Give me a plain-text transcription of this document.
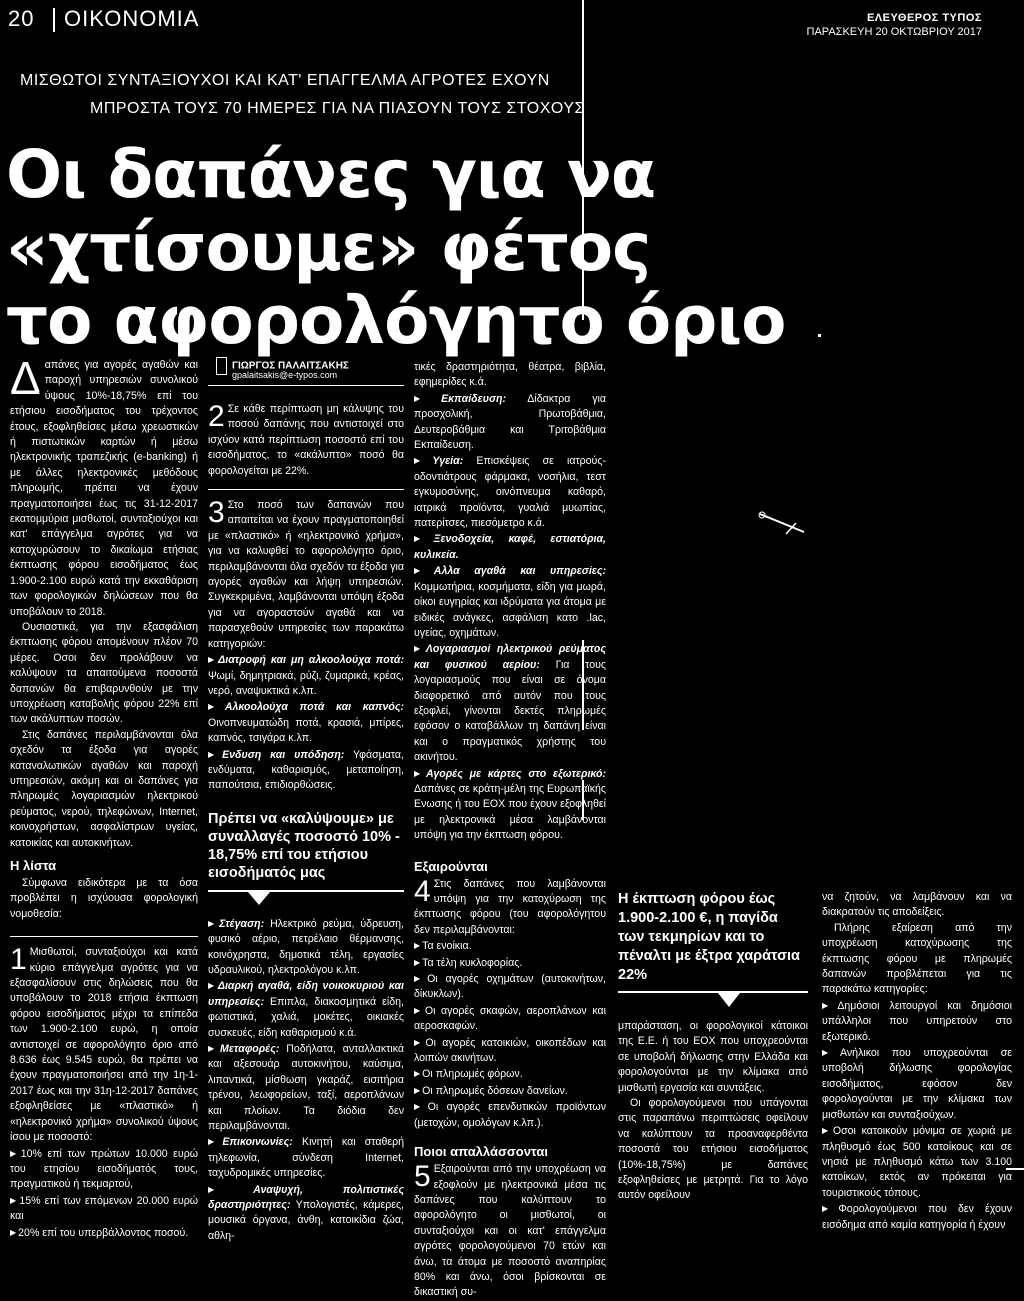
20 ΟΙΚΟΝΟΜΙΑ	ΕΛΕΥΘΕΡΟΣ ΤΥΠΟΣ
ΠΑΡΑΣΚΕΥΗ 20 ΟΚΤΩΒΡΙΟΥ 2017
ΜΙΣΘΩΤΟΙ ΣΥΝΤΑΞΙΟΥΧΟΙ ΚΑΙ ΚΑΤ' ΕΠΑΓΓΕΛΜΑ ΑΓΡΟΤΕΣ ΕΧΟΥΝ
ΜΠΡΟΣΤΑ ΤΟΥΣ 70 ΗΜΕΡΕΣ ΓΙΑ ΝΑ ΠΙΑΣΟΥΝ ΤΟΥΣ ΣΤΟΧΟΥΣ
Οι δαπάνες για να
«χτίσουμε» φέτος
το αφορολόγητο όριο

Δαπάνες για αγορές αγαθών και παροχή υπηρεσιών συνολικού ύψους 10%-18,75% επί του ετήσιου εισοδήματος του τρέχοντος έτους, εξοφληθείσες μέσω χρεωστικών ή πιστωτικών καρτών ή μέσω ηλεκτρονικής τραπεζικής (e-banking) ή με άλλες ηλεκτρονικές μεθόδους πληρωμής, πρέπει να έχουν πραγματοποιήσει έως τις 31-12-2017 εκατομμύρια μισθωτοί, συνταξιούχοι και κατ' επάγγελμα αγρότες για να κατοχυρώσουν το δικαίωμα ετήσιας έκπτωσης φόρου εισοδήματος έως 1.900-2.100 ευρώ κατά την εκκαθάριση των φορολογικών δηλώσεων που θα υποβάλουν το 2018.

Ουσιαστικά, για την εξασφάλιση έκπτωσης φόρου απομένουν πλέον 70 μέρες. Οσοι δεν προλάβουν να καλύψουν τα απαιτούμενα ποσοστά δαπανών θα επιβαρυνθούν με την υποχρέωση καταβολής φόρου 22% επί των ακάλυπτων ποσών.

Στις δαπάνες περιλαμβάνονται όλα σχεδόν τα έξοδα για αγορές καταναλωτικών αγαθών και παροχή υπηρεσιών, ακόμη και οι δαπάνες για πληρωμές λογαριασμών ηλεκτρικού ρεύματος, νερού, τηλεφώνων, Internet, κοινοχρήστων, ασφαλίστρων υγείας, κατοικίας και αυτοκινήτων.

Η λίστα

Σύμφωνα ειδικότερα με τα όσα προβλέπει η ισχύουσα φορολογική νομοθεσία:

1 Μισθωτοί, συνταξιούχοι και κατά κύριο επάγγελμα αγρότες για να εξασφαλίσουν στις δηλώσεις που θα υποβάλουν το 2018 ετήσια έκπτωση φόρου εισοδήματος μέχρι τα επίπεδα των 1.900-2.100 ευρώ, η οποία αντιστοιχεί σε αφορολόγητο όριο από 8.636 έως 9.545 ευρώ, θα πρέπει να έχουν πραγματοποιήσει από την 1η-1-2017 έως και την 31η-12-2017 δαπάνες εξοφληθείσες με «πλαστικό» ή «ηλεκτρονικό χρήμα» συνολικού ύψους ίσου με ποσοστό:

▶ 10% επί των πρώτων 10.000 ευρώ του ετησίου εισοδήματός τους, πραγματικού ή τεκμαρτού,

▶ 15% επί των επόμενων 20.000 ευρώ και

▶ 20% επί του υπερβάλλοντος ποσού.

ΓΙΩΡΓΟΣ ΠΑΛΑΙΤΣΑΚΗΣ
gpalaitsakis@e-typos.com

2 Σε κάθε περίπτωση μη κάλυψης του ποσού δαπάνης που αντιστοιχεί στο ισχύον κατά περίπτωση ποσοστό επί του εισοδήματος, το «ακάλυπτο» ποσό θα φορολογείται με 22%.

3 Στο ποσό των δαπανών που απαιτείται να έχουν πραγματοποιηθεί με «πλαστικό» ή «ηλεκτρονικό χρήμα», για να καλυφθεί το αφορολόγητο όριο, περιλαμβάνονται όλα σχεδόν τα έξοδα για αγορές αγαθών και λήψη υπηρεσιών. Συγκεκριμένα, λαμβάνονται υπόψη έξοδα για να αγοραστούν αγαθά και να παρασχεθούν υπηρεσίες των παρακάτω κατηγοριών:

▶ Διατροφή και μη αλκοολούχα ποτά: Ψωμί, δημητριακά, ρύζι, ζυμαρικά, κρέας, νερό, αναψυκτικά κ.λπ.

▶ Αλκοολούχα ποτά και καπνός: Οινοπνευματώδη ποτά, κρασιά, μπίρες, καπνός, τσιγάρα κ.λπ.

▶ Ενδυση και υπόδηση: Υφάσματα, ενδύματα, καθαρισμός, μεταποίηση, παπούτσια, επιδιορθώσεις.

Πρέπει να «καλύψουμε» με συναλλαγές ποσοστό 10% - 18,75% επί του ετήσιου εισοδήματός μας

▶ Στέγαση: Ηλεκτρικό ρεύμα, ύδρευση, φυσικό αέριο, πετρέλαιο θέρμανσης, κοινόχρηστα, δημοτικά τέλη, εργασίες υδραυλικού, ηλεκτρολόγου κ.λπ.

▶ Διαρκή αγαθά, είδη νοικοκυριού και υπηρεσίες: Επιπλα, διακοσμητικά είδη, φωτιστικά, χαλιά, μοκέτες, οικιακές συσκευές, είδη καθαρισμού κ.ά.

▶ Μεταφορές: Ποδήλατα, ανταλλακτικά και αξεσουάρ αυτοκινήτου, καύσιμα, λιπαντικά, μίσθωση γκαράζ, εισιτήρια τρένου, λεωφορείων, ταξί, αεροπλάνων και πλοίων. Τα διόδια δεν περιλαμβάνονται.

▶ Επικοινωνίες: Κινητή και σταθερή τηλεφωνία, σύνδεση Internet, ταχυδρομικές υπηρεσίες.

▶ Αναψυχή, πολιτιστικές δραστηριότητες: Υπολογιστές, κάμερες, μουσικά όργανα, άνθη, κατοικίδια ζώα, αθλη-

τικές δραστηριότητα, θέατρα, βιβλία, εφημερίδες κ.ά.

▶ Εκπαίδευση: Δίδακτρα για προσχολική, Πρωτοβάθμια, Δευτεροβάθμια και Τριτοβάθμια Εκπαίδευση.

▶ Υγεία: Επισκέψεις σε ιατρούς-οδοντιάτρους φάρμακα, νοσήλια, τεστ εγκυμοσύνης, οινόπνευμα καθαρό, ιατρικά προϊόντα, γυαλιά μυωπίας, πατερίτσες, πιεσόμετρο κ.ά.

▶ Ξενοδοχεία, καφέ, εστιατόρια, κυλικεία.

▶ Αλλα αγαθά και υπηρεσίες: Κομμωτήρια, κοσμήματα, είδη για μωρά, οίκοι ευγηρίας και ιδρύματα για άτομα με ειδικές ανάγκες, ασφάλιση κατο .lac, υγείας, οχημάτων.

▶ Λογαριασμοί ηλεκτρικού ρεύματος και φυσικού αερίου: Για τους λογαριασμούς που είναι σε όνομα διαφορετικό από αυτόν που τους εξοφλεί, γίνονται δεκτές πληρωμές εφόσον ο καταβάλλων τη δαπάνη είναι και ο πραγματικός χρήστης του ακινήτου.

▶ Αγορές με κάρτες στο εξωτερικό: Δαπάνες σε κράτη-μέλη της Ευρωπαϊκής Ενωσης ή του ΕΟΧ που έχουν εξοφληθεί με ηλεκτρονικά μέσα λαμβάνονται υπόψη για την έκπτωση φόρου.

Εξαιρούνται

4 Στις δαπάνες που λαμβάνονται υπόψη για την κατοχύρωση της έκπτωσης φόρου (του αφορολόγητου δεν περιλαμβάνονται:

▶ Τα ενοίκια.

▶ Τα τέλη κυκλοφορίας.

▶ Οι αγορές οχημάτων (αυτοκινήτων, δίκυκλων).

▶ Οι αγορές σκαφών, αεροπλάνων και αεροσκαφών.

▶ Οι αγορές κατοικιών, οικοπέδων και λοιπών ακινήτων.

▶ Οι πληρωμές φόρων.

▶ Οι πληρωμές δόσεων δανείων.

▶ Οι αγορές επενδυτικών προϊόντων (μετοχών, ομολόγων κ.λπ.).

Ποιοι απαλλάσσονται

5 Εξαιρούνται από την υποχρέωση να εξοφλούν με ηλεκτρονικά μέσα τις δαπάνες που καλύπτουν το αφορολόγητο οι μισθωτοί, οι συνταξιούχοι και οι κατ' επάγγελμα αγρότες φορολογούμενοι 70 ετών και άνω, τα άτομα με ποσοστό αναπηρίας 80% και άνω, όσοι βρίσκονται σε δικαστική συ-

Η έκπτωση φόρου έως 1.900-2.100 €, η παγίδα των τεκμηρίων και το πέναλτι με έξτρα χαράτσια 22%

μπαράσταση, οι φορολογικοί κάτοικοι της Ε.Ε. ή του ΕΟΧ που υποχρεούνται σε υποβολή δήλωσης στην Ελλάδα και φορολογούνται με την κλίμακα από μισθωτή εργασία και συντάξεις.

Οι φορολογούμενοι που υπάγονται στις παραπάνω περιπτώσεις οφείλουν να καλύπτουν τα προαναφερθέντα ποσοστά του ετήσιου εισοδήματος (10%-18,75%) με δαπάνες εξοφληθείσες με μετρητά. Για το λόγο αυτόν οφείλουν

να ζητούν, να λαμβάνουν και να διακρατούν τις αποδείξεις.

Πλήρης εξαίρεση από την υποχρέωση κατοχύρωσης της έκπτωσης φόρου με πληρωμές δαπανών προβλέπεται για τις παρακάτω κατηγορίες:

▶ Δημόσιοι λειτουργοί και δημόσιοι υπάλληλοι που υπηρετούν στο εξωτερικό.

▶ Ανήλικοι που υποχρεούνται σε υποβολή δήλωσης φορολογίας εισοδήματος, εφόσον δεν φορολογούνται με την κλίμακα των μισθωτών και συνταξιούχων.

▶ Οσοι κατοικούν μόνιμα σε χωριά με πληθυσμό έως 500 κατοίκους και σε νησιά με πληθυσμό κάτω των 3.100 κατοίκων, εκτός αν πρόκειται για τουριστικούς τόπους.

▶ Φορολογούμενοι που δεν έχουν εισόδημα από καμία κατηγορία ή έχουν
